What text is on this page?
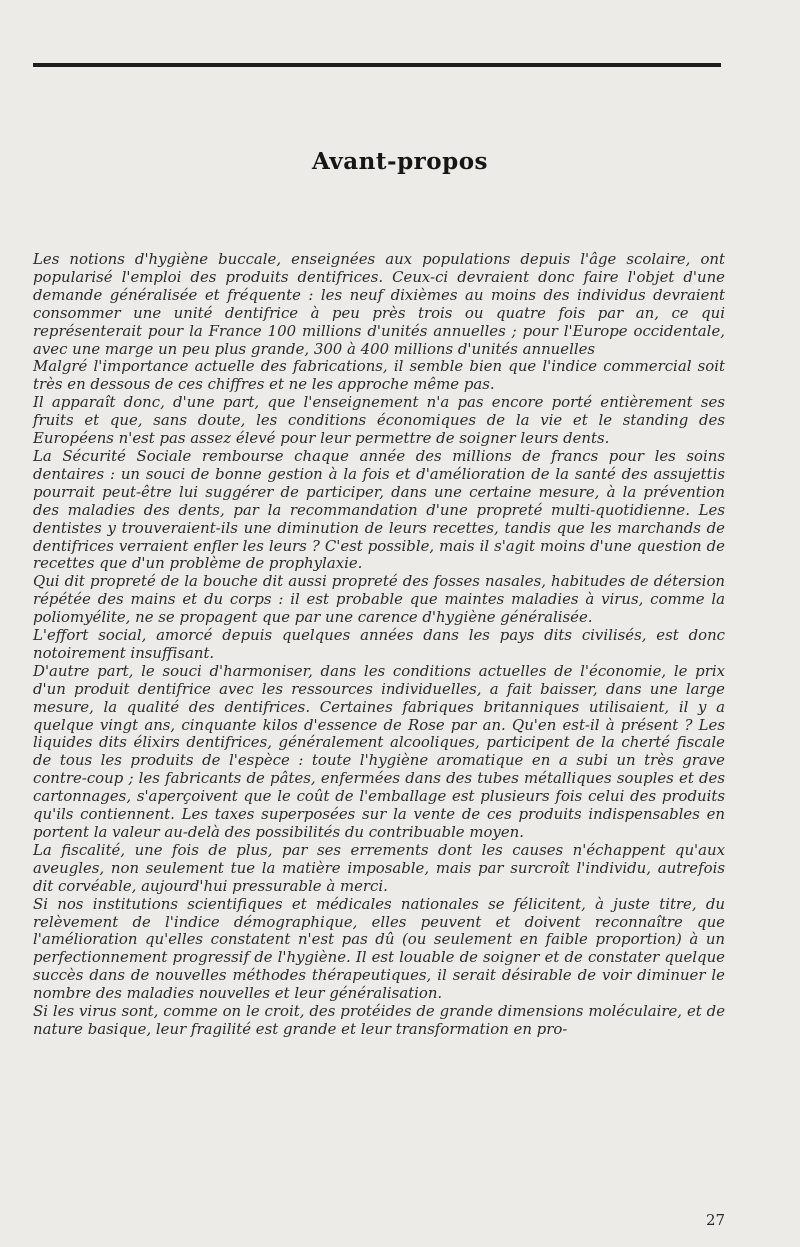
Avant-propos

Les notions d'hygiène buccale, enseignées aux populations depuis l'âge scolaire, ont popularisé l'emploi des produits dentifrices. Ceux-ci devraient donc faire l'objet d'une demande généralisée et fréquente : les neuf dixièmes au moins des individus devraient consommer une unité dentifrice à peu près trois ou quatre fois par an, ce qui représenterait pour la France 100 millions d'unités annuelles ; pour l'Europe occidentale, avec une marge un peu plus grande, 300 à 400 millions d'unités annuelles

Malgré l'importance actuelle des fabrications, il semble bien que l'indice commercial soit très en dessous de ces chiffres et ne les approche même pas.

Il apparaît donc, d'une part, que l'enseignement n'a pas encore porté entièrement ses fruits et que, sans doute, les conditions économiques de la vie et le standing des Européens n'est pas assez élevé pour leur permettre de soigner leurs dents.

La Sécurité Sociale rembourse chaque année des millions de francs pour les soins dentaires : un souci de bonne gestion à la fois et d'amélioration de la santé des assujettis pourrait peut-être lui suggérer de participer, dans une certaine mesure, à la prévention des maladies des dents, par la recommandation d'une propreté multi-quotidienne. Les dentistes y trouveraient-ils une diminution de leurs recettes, tandis que les marchands de dentifrices verraient enfler les leurs ? C'est possible, mais il s'agit moins d'une question de recettes que d'un problème de prophylaxie.

Qui dit propreté de la bouche dit aussi propreté des fosses nasales, habitudes de détersion répétée des mains et du corps : il est probable que maintes maladies à virus, comme la poliomyélite, ne se propagent que par une carence d'hygiène généralisée.

L'effort social, amorcé depuis quelques années dans les pays dits civilisés, est donc notoirement insuffisant.

D'autre part, le souci d'harmoniser, dans les conditions actuelles de l'économie, le prix d'un produit dentifrice avec les ressources individuelles, a fait baisser, dans une large mesure, la qualité des dentifrices. Certaines fabriques britanniques utilisaient, il y a quelque vingt ans, cinquante kilos d'essence de Rose par an. Qu'en est-il à présent ? Les liquides dits élixirs dentifrices, généralement alcooliques, participent de la cherté fiscale de tous les produits de l'espèce : toute l'hygiène aromatique en a subi un très grave contre-coup ; les fabricants de pâtes, enfermées dans des tubes métalliques souples et des cartonnages, s'aperçoivent que le coût de l'emballage est plusieurs fois celui des produits qu'ils contiennent. Les taxes superposées sur la vente de ces produits indispensables en portent la valeur au-delà des possibilités du contribuable moyen.

La fiscalité, une fois de plus, par ses errements dont les causes n'échappent qu'aux aveugles, non seulement tue la matière imposable, mais par surcroît l'individu, autrefois dit corvéable, aujourd'hui pressurable à merci.

Si nos institutions scientifiques et médicales nationales se félicitent, à juste titre, du relèvement de l'indice démographique, elles peuvent et doivent reconnaître que l'amélioration qu'elles constatent n'est pas dû (ou seulement en faible proportion) à un perfectionnement progressif de l'hygiène. Il est louable de soigner et de constater quelque succès dans de nouvelles méthodes thérapeutiques, il serait désirable de voir diminuer le nombre des maladies nouvelles et leur généralisation.

Si les virus sont, comme on le croit, des protéides de grande dimensions moléculaire, et de nature basique, leur fragilité est grande et leur transformation en pro-

27
